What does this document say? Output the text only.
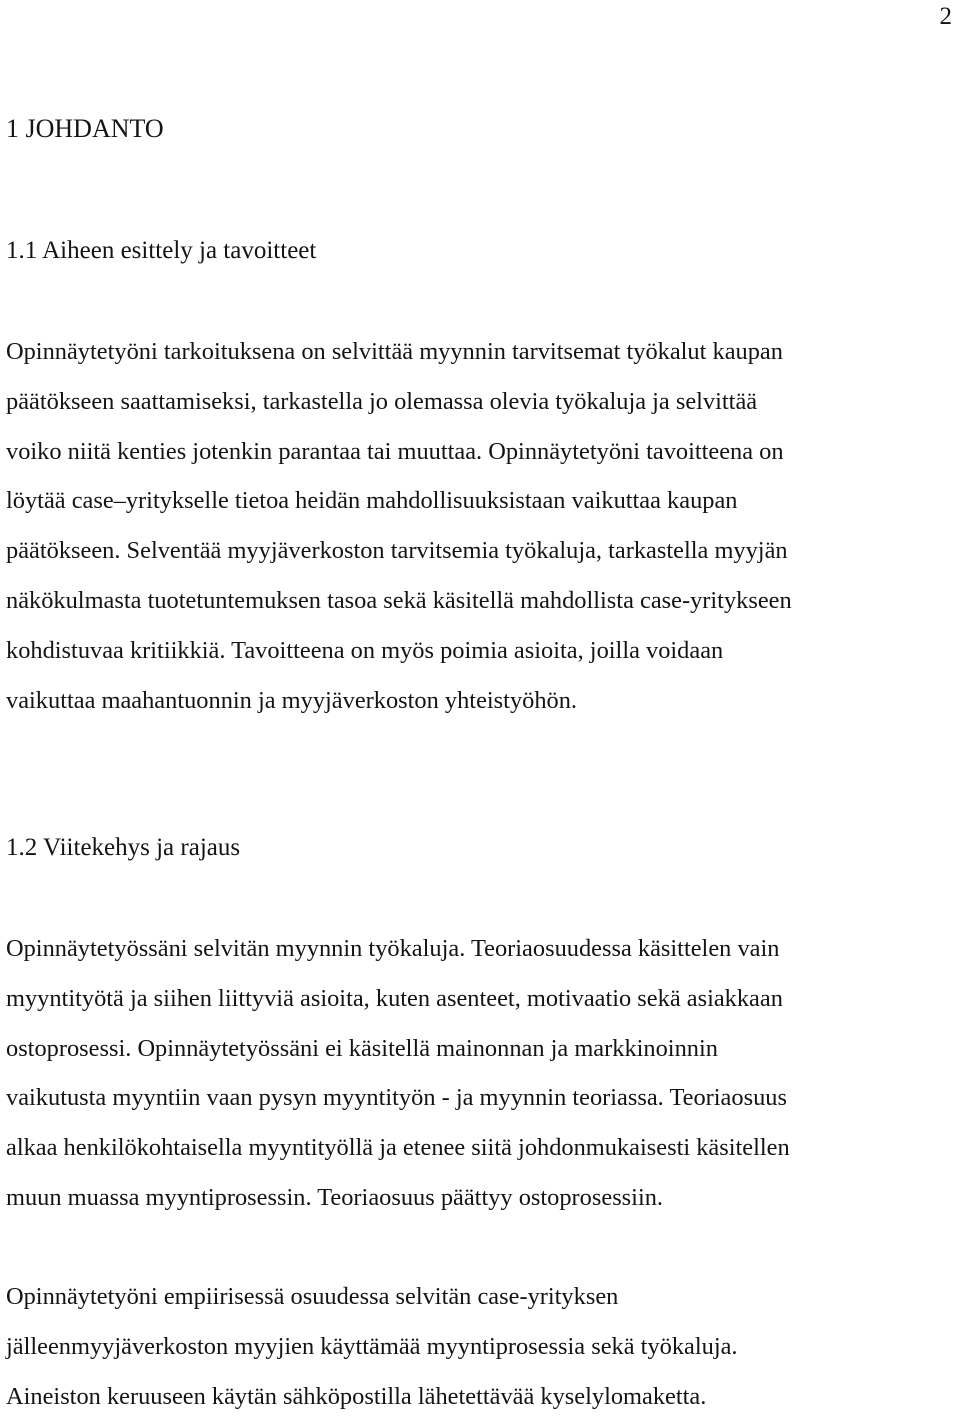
2
1 JOHDANTO
1.1 Aiheen esittely ja tavoitteet

Opinnäytetyöni tarkoituksena on selvittää myynnin tarvitsemat työkalut kaupan
päätökseen saattamiseksi, tarkastella jo olemassa olevia työkaluja ja selvittää
voiko niitä kenties jotenkin parantaa tai muuttaa. Opinnäytetyöni tavoitteena on
löytää case–yritykselle tietoa heidän mahdollisuuksistaan vaikuttaa kaupan
päätökseen. Selventää myyjäverkoston tarvitsemia työkaluja, tarkastella myyjän
näkökulmasta tuotetuntemuksen tasoa sekä käsitellä mahdollista case-yritykseen
kohdistuvaa kritiikkiä. Tavoitteena on myös poimia asioita, joilla voidaan
vaikuttaa maahantuonnin ja myyjäverkoston yhteistyöhön.

1.2 Viitekehys ja rajaus

Opinnäytetyössäni selvitän myynnin työkaluja. Teoriaosuudessa käsittelen vain
myyntityötä ja siihen liittyviä asioita, kuten asenteet, motivaatio sekä asiakkaan
ostoprosessi. Opinnäytetyössäni ei käsitellä mainonnan ja markkinoinnin
vaikutusta myyntiin vaan pysyn myyntityön - ja myynnin teoriassa. Teoriaosuus
alkaa henkilökohtaisella myyntityöllä ja etenee siitä johdonmukaisesti käsitellen
muun muassa myyntiprosessin. Teoriaosuus päättyy ostoprosessiin.

Opinnäytetyöni empiirisessä osuudessa selvitän case-yrityksen
jälleenmyyjäverkoston myyjien käyttämää myyntiprosessia sekä työkaluja.
Aineiston keruuseen käytän sähköpostilla lähetettävää kyselylomaketta.
